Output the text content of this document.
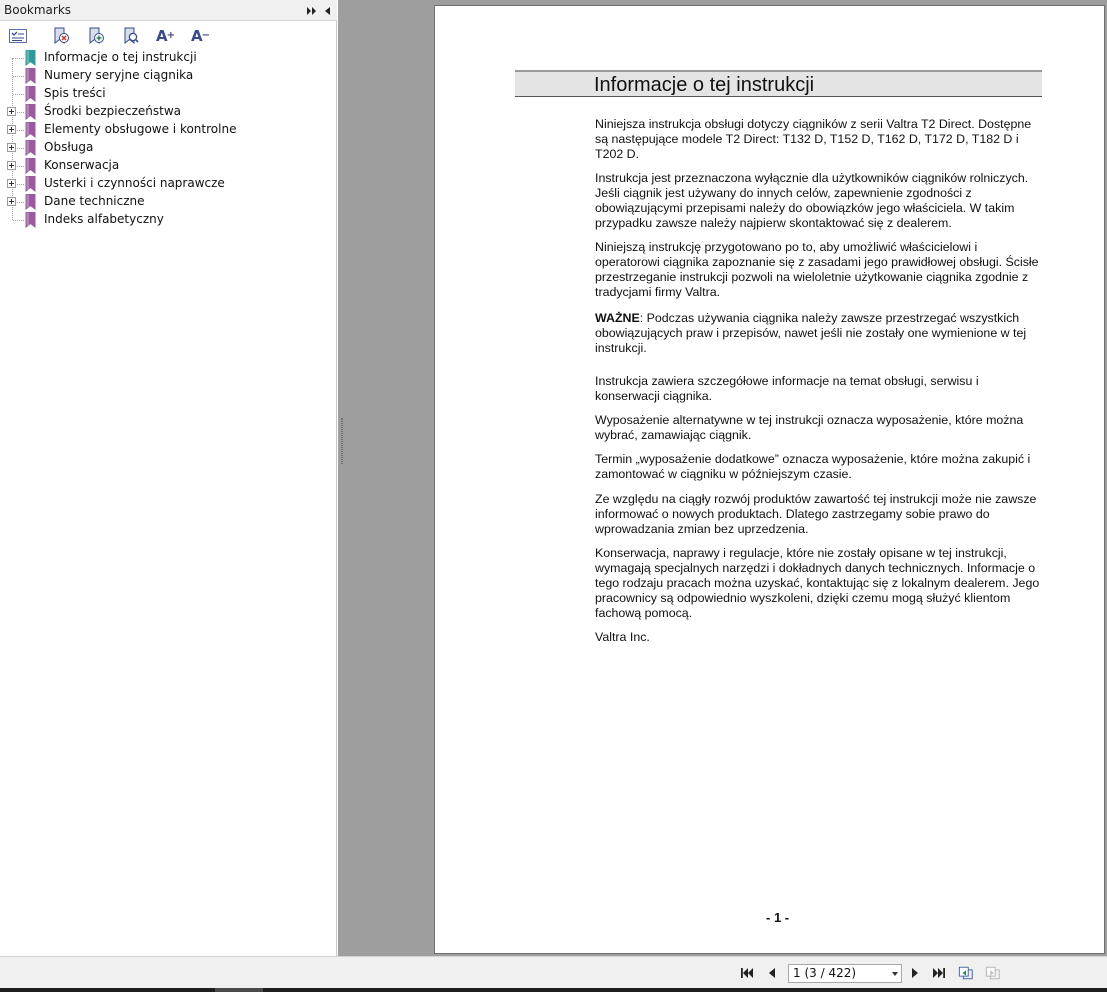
Bookmarks
A+ A−
Informacje o tej instrukcji
Numery seryjne ciągnika
Spis treści
Środki bezpieczeństwa
Elementy obsługowe i kontrolne
Obsługa
Konserwacja
Usterki i czynności naprawcze
Dane techniczne
Indeks alfabetyczny
Informacje o tej instrukcji

Niniejsza instrukcja obsługi dotyczy ciągników z serii Valtra T2 Direct. Dostępne są następujące modele T2 Direct: T132 D, T152 D, T162 D, T172 D, T182 D i T202 D.

Instrukcja jest przeznaczona wyłącznie dla użytkowników ciągników rolniczych. Jeśli ciągnik jest używany do innych celów, zapewnienie zgodności z obowiązującymi przepisami należy do obowiązków jego właściciela. W takim przypadku zawsze należy najpierw skontaktować się z dealerem.

Niniejszą instrukcję przygotowano po to, aby umożliwić właścicielowi i operatorowi ciągnika zapoznanie się z zasadami jego prawidłowej obsługi. Ścisłe przestrzeganie instrukcji pozwoli na wieloletnie użytkowanie ciągnika zgodnie z tradycjami firmy Valtra.

WAŻNE: Podczas używania ciągnika należy zawsze przestrzegać wszystkich obowiązujących praw i przepisów, nawet jeśli nie zostały one wymienione w tej instrukcji.

Instrukcja zawiera szczegółowe informacje na temat obsługi, serwisu i konserwacji ciągnika.

Wyposażenie alternatywne w tej instrukcji oznacza wyposażenie, które można wybrać, zamawiając ciągnik.

Termin „wyposażenie dodatkowe” oznacza wyposażenie, które można zakupić i zamontować w ciągniku w późniejszym czasie.

Ze względu na ciągły rozwój produktów zawartość tej instrukcji może nie zawsze informować o nowych produktach. Dlatego zastrzegamy sobie prawo do wprowadzania zmian bez uprzedzenia.

Konserwacja, naprawy i regulacje, które nie zostały opisane w tej instrukcji, wymagają specjalnych narzędzi i dokładnych danych technicznych. Informacje o tego rodzaju pracach można uzyskać, kontaktując się z lokalnym dealerem. Jego pracownicy są odpowiednio wyszkoleni, dzięki czemu mogą służyć klientom fachową pomocą.

Valtra Inc.

- 1 -
1 (3 / 422)
